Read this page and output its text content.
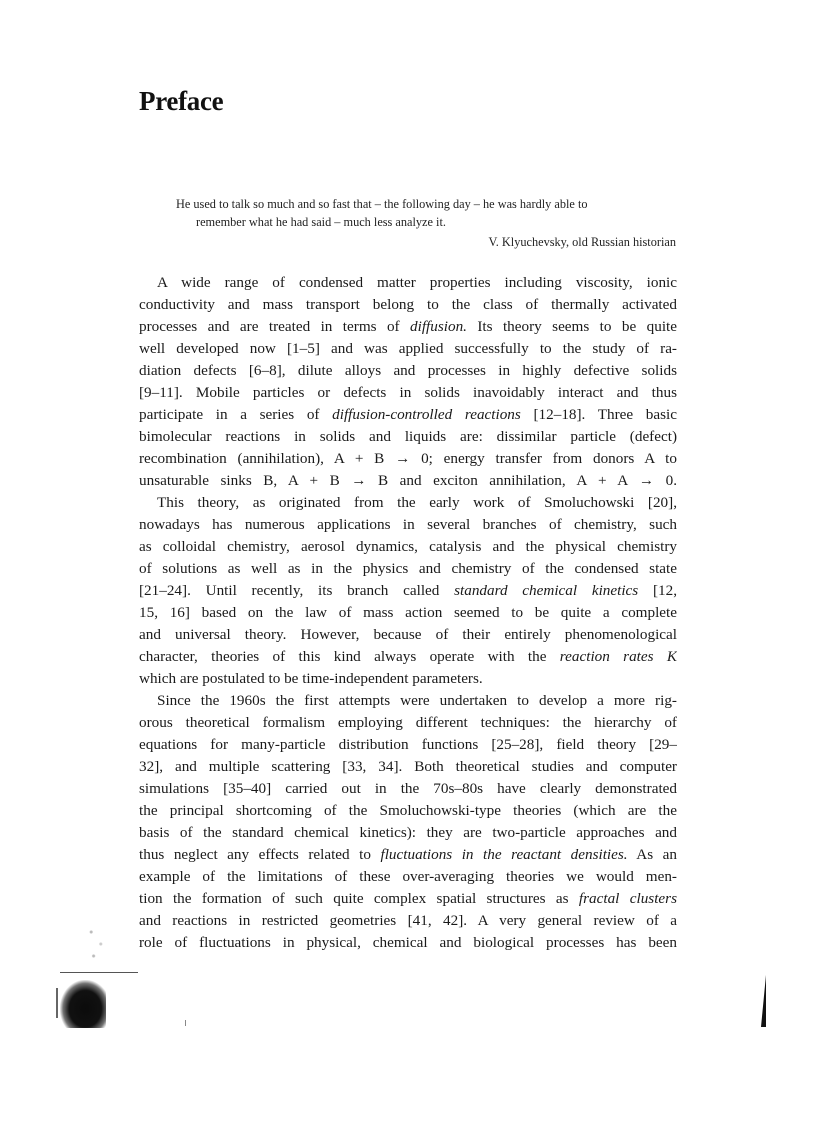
Preface
He used to talk so much and so fast that – the following day – he was hardly able to
remember what he had said – much less analyze it.
V. Klyuchevsky, old Russian historian
A wide range of condensed matter properties including viscosity, ionic
conductivity and mass transport belong to the class of thermally activated
processes and are treated in terms of diffusion. Its theory seems to be quite
well developed now [1–5] and was applied successfully to the study of ra-
diation defects [6–8], dilute alloys and processes in highly defective solids
[9–11]. Mobile particles or defects in solids inavoidably interact and thus
participate in a series of diffusion-controlled reactions [12–18]. Three basic
bimolecular reactions in solids and liquids are: dissimilar particle (defect)
recombination (annihilation), A + B → 0; energy transfer from donors A to
unsaturable sinks B, A + B → B and exciton annihilation, A + A → 0.
This theory, as originated from the early work of Smoluchowski [20],
nowadays has numerous applications in several branches of chemistry, such
as colloidal chemistry, aerosol dynamics, catalysis and the physical chemistry
of solutions as well as in the physics and chemistry of the condensed state
[21–24]. Until recently, its branch called standard chemical kinetics [12,
15, 16] based on the law of mass action seemed to be quite a complete
and universal theory. However, because of their entirely phenomenological
character, theories of this kind always operate with the reaction rates K
which are postulated to be time-independent parameters.
Since the 1960s the first attempts were undertaken to develop a more rig-
orous theoretical formalism employing different techniques: the hierarchy of
equations for many-particle distribution functions [25–28], field theory [29–
32], and multiple scattering [33, 34]. Both theoretical studies and computer
simulations [35–40] carried out in the 70s–80s have clearly demonstrated
the principal shortcoming of the Smoluchowski-type theories (which are the
basis of the standard chemical kinetics): they are two-particle approaches and
thus neglect any effects related to fluctuations in the reactant densities. As an
example of the limitations of these over-averaging theories we would men-
tion the formation of such quite complex spatial structures as fractal clusters
and reactions in restricted geometries [41, 42]. A very general review of a
role of fluctuations in physical, chemical and biological processes has been
